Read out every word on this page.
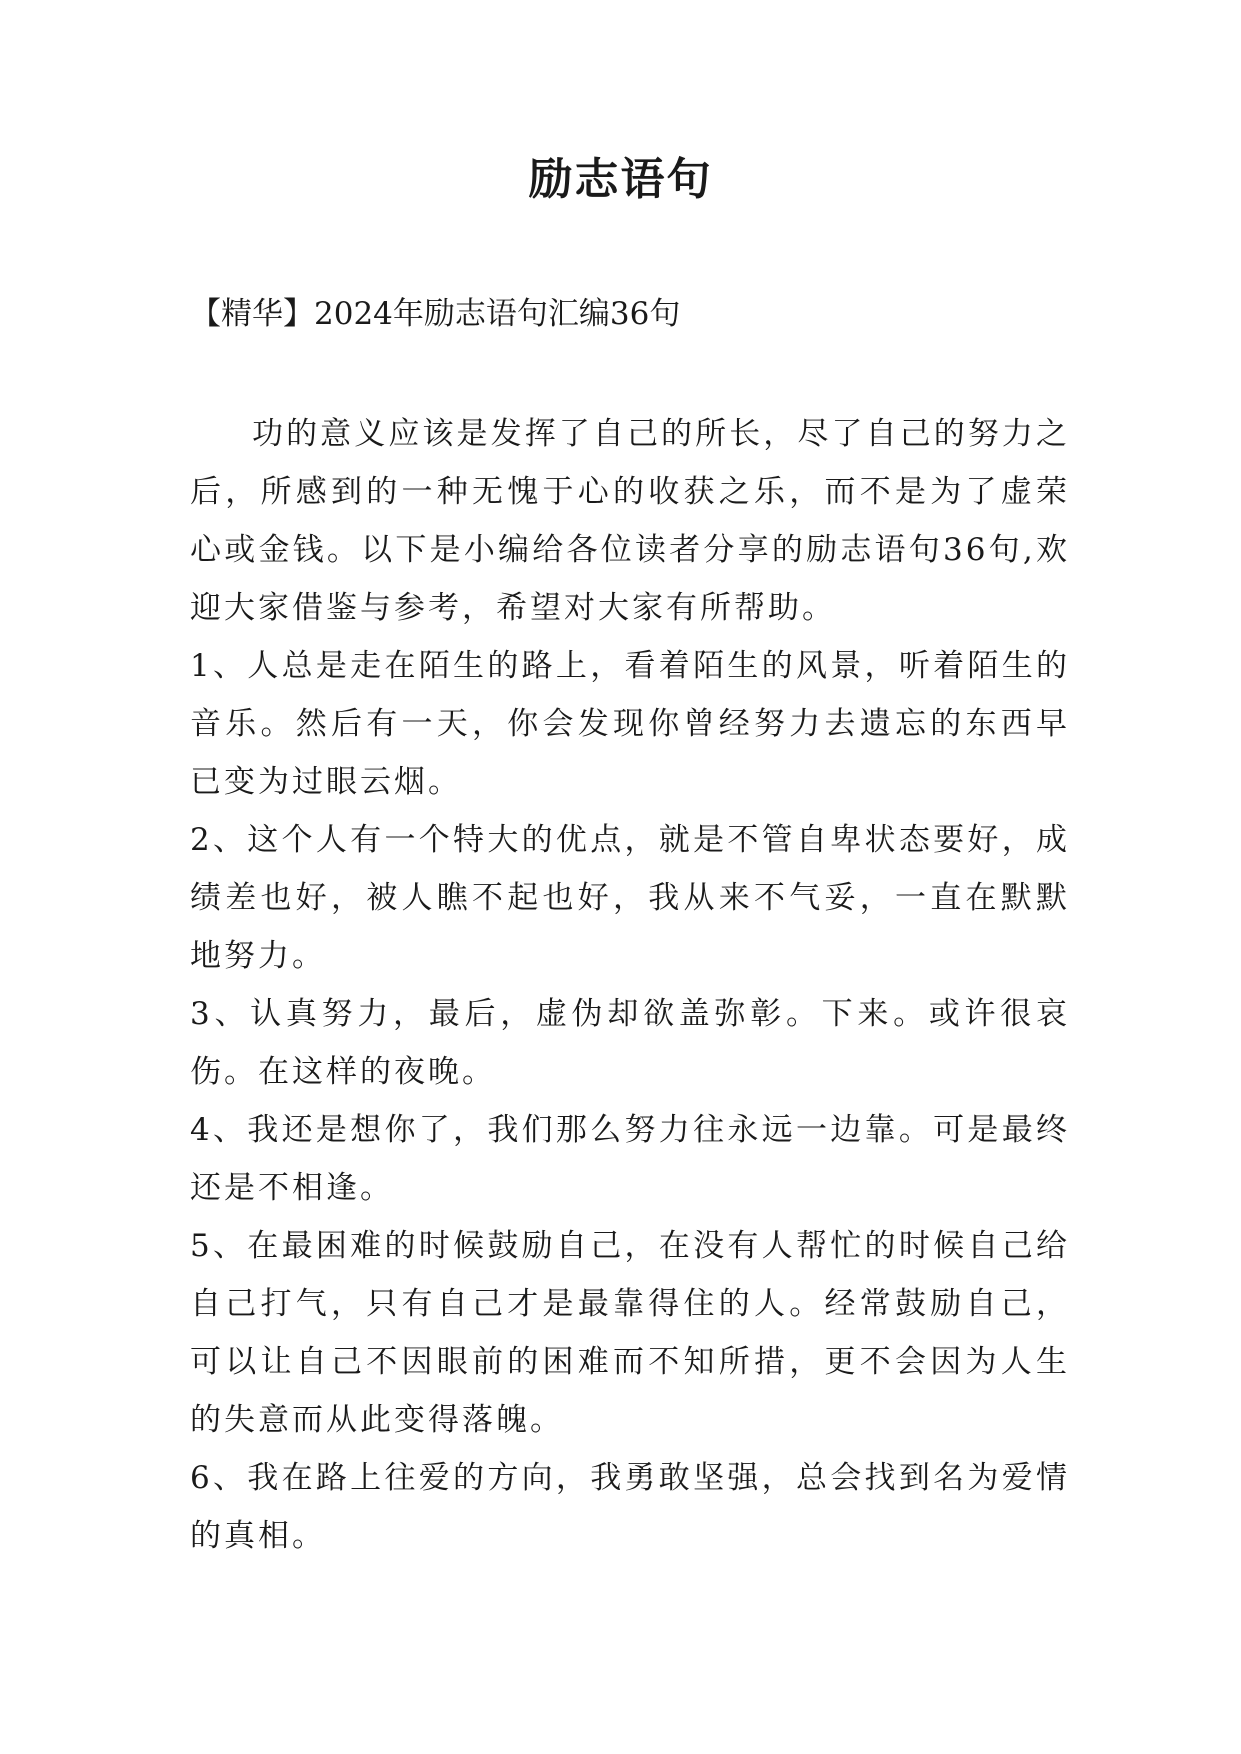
励志语句
【精华】2024年励志语句汇编36句

功的意义应该是发挥了自己的所长，尽了自己的努力之后，所感到的一种无愧于心的收获之乐，而不是为了虚荣心或金钱。以下是小编给各位读者分享的励志语句36句,欢迎大家借鉴与参考，希望对大家有所帮助。

1、人总是走在陌生的路上，看着陌生的风景，听着陌生的音乐。然后有一天，你会发现你曾经努力去遗忘的东西早已变为过眼云烟。

2、这个人有一个特大的优点，就是不管自卑状态要好，成绩差也好，被人瞧不起也好，我从来不气妥，一直在默默地努力。

3、认真努力，最后，虚伪却欲盖弥彰。下来。或许很哀伤。在这样的夜晚。

4、我还是想你了，我们那么努力往永远一边靠。可是最终还是不相逢。

5、在最困难的时候鼓励自己，在没有人帮忙的时候自己给自己打气，只有自己才是最靠得住的人。经常鼓励自己，可以让自己不因眼前的困难而不知所措，更不会因为人生的失意而从此变得落魄。

6、我在路上往爱的方向，我勇敢坚强，总会找到名为爱情的真相。
